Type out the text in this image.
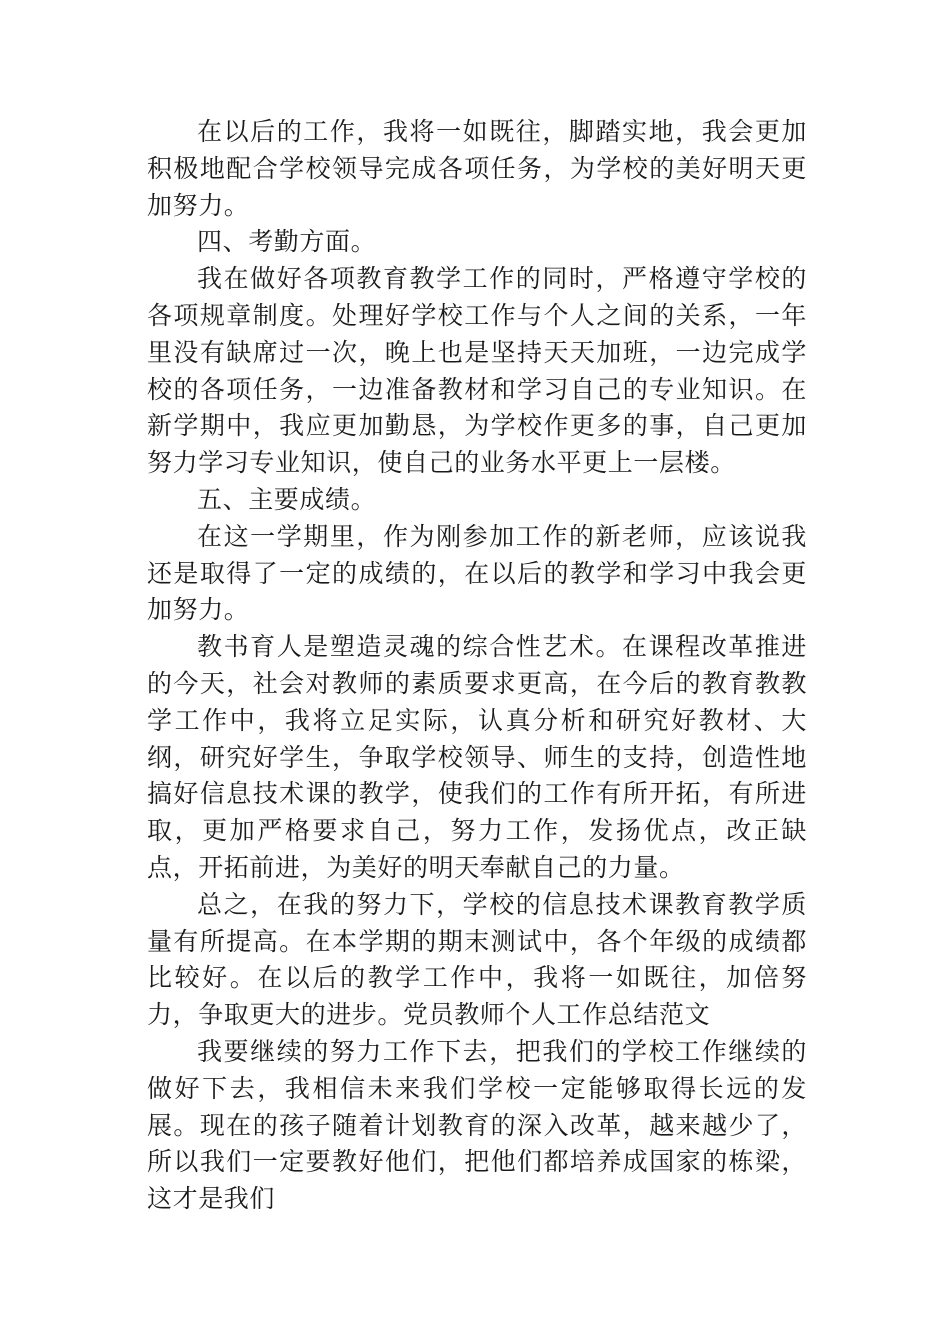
在以后的工作，我将一如既往，脚踏实地，我会更加积极地配合学校领导完成各项任务，为学校的美好明天更加努力。

四、考勤方面。

我在做好各项教育教学工作的同时，严格遵守学校的各项规章制度。处理好学校工作与个人之间的关系，一年里没有缺席过一次，晚上也是坚持天天加班，一边完成学校的各项任务，一边准备教材和学习自己的专业知识。在新学期中，我应更加勤恳，为学校作更多的事，自己更加努力学习专业知识，使自己的业务水平更上一层楼。

五、主要成绩。

在这一学期里，作为刚参加工作的新老师，应该说我还是取得了一定的成绩的，在以后的教学和学习中我会更加努力。

教书育人是塑造灵魂的综合性艺术。在课程改革推进的今天，社会对教师的素质要求更高，在今后的教育教教学工作中，我将立足实际，认真分析和研究好教材、大纲，研究好学生，争取学校领导、师生的支持，创造性地搞好信息技术课的教学，使我们的工作有所开拓，有所进取，更加严格要求自己，努力工作，发扬优点，改正缺点，开拓前进，为美好的明天奉献自己的力量。

总之，在我的努力下，学校的信息技术课教育教学质量有所提高。在本学期的期末测试中，各个年级的成绩都比较好。在以后的教学工作中，我将一如既往，加倍努力，争取更大的进步。党员教师个人工作总结范文

我要继续的努力工作下去，把我们的学校工作继续的做好下去，我相信未来我们学校一定能够取得长远的发展。现在的孩子随着计划教育的深入改革，越来越少了，所以我们一定要教好他们，把他们都培养成国家的栋梁，这才是我们
